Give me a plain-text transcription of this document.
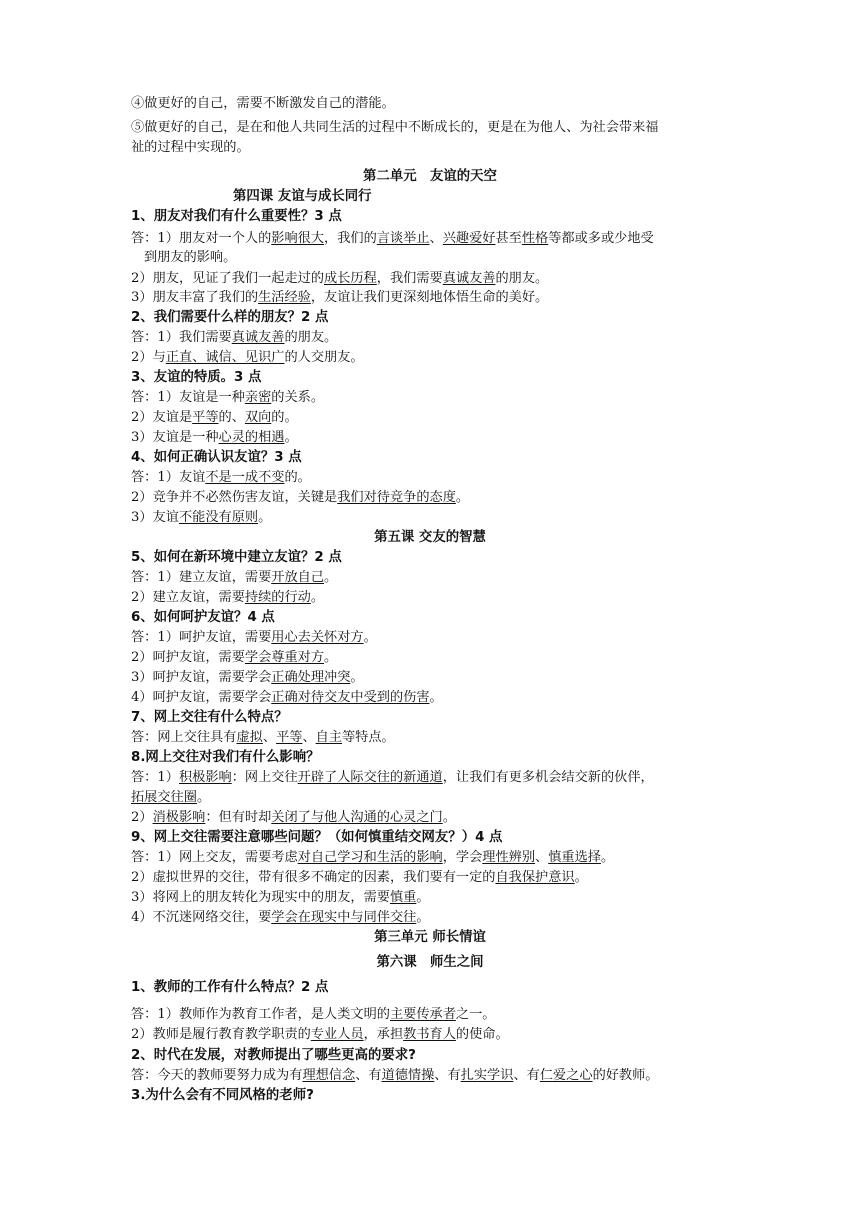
④做更好的自己，需要不断激发自己的潜能。
⑤做更好的自己，是在和他人共同生活的过程中不断成长的，更是在为他人、为社会带来福
祉的过程中实现的。
第二单元　友谊的天空
第四课 友谊与成长同行
1、朋友对我们有什么重要性？3 点
答：1）朋友对一个人的影响很大，我们的言谈举止、兴趣爱好甚至性格等都或多或少地受
到朋友的影响。
2）朋友，见证了我们一起走过的成长历程，我们需要真诚友善的朋友。
3）朋友丰富了我们的生活经验，友谊让我们更深刻地体悟生命的美好。
2、我们需要什么样的朋友？2 点
答：1）我们需要真诚友善的朋友。
2）与正直、诚信、见识广的人交朋友。
3、友谊的特质。3 点
答：1）友谊是一种亲密的关系。
2）友谊是平等的、双向的。
3）友谊是一种心灵的相遇。
4、如何正确认识友谊？3 点
答：1）友谊不是一成不变的。
2）竞争并不必然伤害友谊，关键是我们对待竞争的态度。
3）友谊不能没有原则。
第五课 交友的智慧
5、如何在新环境中建立友谊？2 点
答：1）建立友谊，需要开放自己。
2）建立友谊，需要持续的行动。
6、如何呵护友谊？4 点
答：1）呵护友谊，需要用心去关怀对方。
2）呵护友谊，需要学会尊重对方。
3）呵护友谊，需要学会正确处理冲突。
4）呵护友谊，需要学会正确对待交友中受到的伤害。
7、网上交往有什么特点？
答：网上交往具有虚拟、平等、自主等特点。
8.网上交往对我们有什么影响？
答：1）积极影响：网上交往开辟了人际交往的新通道，让我们有更多机会结交新的伙伴，
拓展交往圈。
2）消极影响：但有时却关闭了与他人沟通的心灵之门。
9、网上交往需要注意哪些问题？（如何慎重结交网友？）4 点
答：1）网上交友，需要考虑对自己学习和生活的影响，学会理性辨别、慎重选择。
2）虚拟世界的交往，带有很多不确定的因素，我们要有一定的自我保护意识。
3）将网上的朋友转化为现实中的朋友，需要慎重。
4）不沉迷网络交往，要学会在现实中与同伴交往。
第三单元 师长情谊
第六课　师生之间
1、教师的工作有什么特点？2 点
答：1）教师作为教育工作者，是人类文明的主要传承者之一。
2）教师是履行教育教学职责的专业人员，承担教书育人的使命。
2、时代在发展，对教师提出了哪些更高的要求?
答：今天的教师要努力成为有理想信念、有道德情操、有扎实学识、有仁爱之心的好教师。
3.为什么会有不同风格的老师?
